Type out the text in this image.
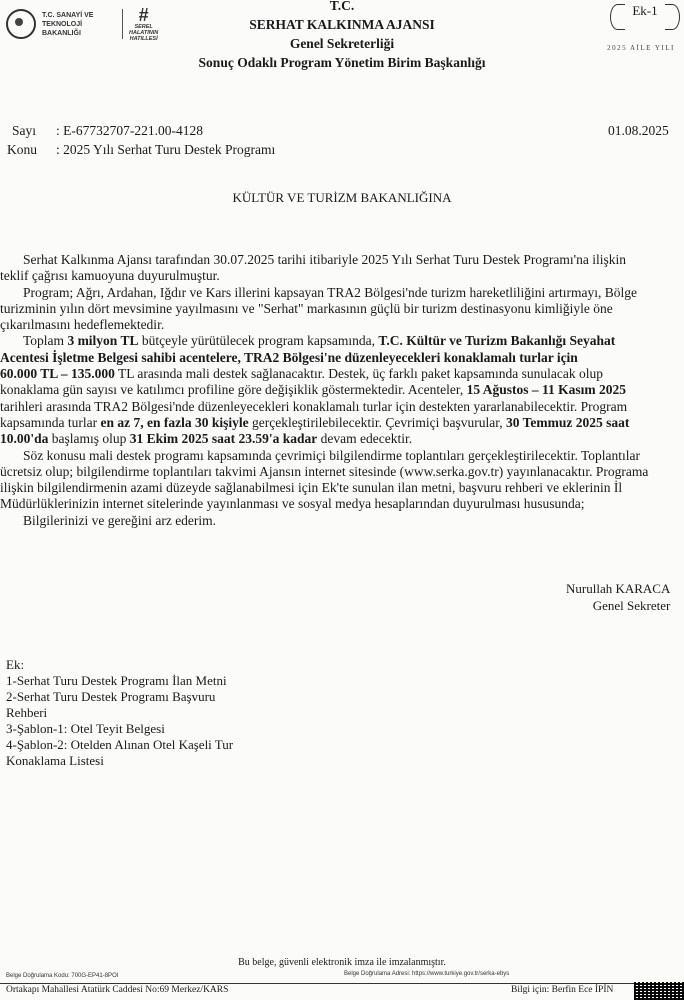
T.C. SANAYİ VE
TEKNOLOJİ BAKANLIĞI
#
SEREL
HALATININ
HATILLESİ
T.C.
SERHAT KALKINMA AJANSI
Genel Sekreterliği
Sonuç Odaklı Program Yönetim Birim Başkanlığı
Ek-1
2025 AİLE YILI
Sayı : E-67732707-221.00-4128	01.08.2025
Konu : 2025 Yılı Serhat Turu Destek Programı
KÜLTÜR VE TURİZM BAKANLIĞINA
Serhat Kalkınma Ajansı tarafından 30.07.2025 tarihi itibariyle 2025 Yılı Serhat Turu Destek Programı'na ilişkin
teklif çağrısı kamuoyuna duyurulmuştur.
Program; Ağrı, Ardahan, Iğdır ve Kars illerini kapsayan TRA2 Bölgesi'nde turizm hareketliliğini artırmayı, Bölge
turizminin yılın dört mevsimine yayılmasını ve "Serhat" markasının güçlü bir turizm destinasyonu kimliğiyle öne
çıkarılmasını hedeflemektedir.
Toplam 3 milyon TL bütçeyle yürütülecek program kapsamında, T.C. Kültür ve Turizm Bakanlığı Seyahat
Acentesi İşletme Belgesi sahibi acentelere, TRA2 Bölgesi'ne düzenleyecekleri konaklamalı turlar için
60.000 TL – 135.000 TL arasında mali destek sağlanacaktır. Destek, üç farklı paket kapsamında sunulacak olup
konaklama gün sayısı ve katılımcı profiline göre değişiklik göstermektedir. Acenteler, 15 Ağustos – 11 Kasım 2025
tarihleri arasında TRA2 Bölgesi'nde düzenleyecekleri konaklamalı turlar için destekten yararlanabilecektir. Program
kapsamında turlar en az 7, en fazla 30 kişiyle gerçekleştirilebilecektir. Çevrimiçi başvurular, 30 Temmuz 2025 saat
10.00'da başlamış olup 31 Ekim 2025 saat 23.59'a kadar devam edecektir.
Söz konusu mali destek programı kapsamında çevrimiçi bilgilendirme toplantıları gerçekleştirilecektir. Toplantılar
ücretsiz olup; bilgilendirme toplantıları takvimi Ajansın internet sitesinde (www.serka.gov.tr) yayınlanacaktır. Programa
ilişkin bilgilendirmenin azami düzeyde sağlanabilmesi için Ek'te sunulan ilan metni, başvuru rehberi ve eklerinin İl
Müdürlüklerinizin internet sitelerinde yayınlanması ve sosyal medya hesaplarından duyurulması hususunda;
Bilgilerinizi ve gereğini arz ederim.
Nurullah KARACA
Genel Sekreter
Ek:
1-Serhat Turu Destek Programı İlan Metni
2-Serhat Turu Destek Programı Başvuru
Rehberi
3-Şablon-1: Otel Teyit Belgesi
4-Şablon-2: Otelden Alınan Otel Kaşeli Tur
Konaklama Listesi
Bu belge, güvenli elektronik imza ile imzalanmıştır.
Belge Doğrulama Kodu: 700G-EP41-8POI	Belge Doğrulama Adresi: https://www.turkiye.gov.tr/serka-ebys
Ortakapı Mahallesi Atatürk Caddesi No:69 Merkez/KARS	Bilgi için: Berfin Ece İPİN
